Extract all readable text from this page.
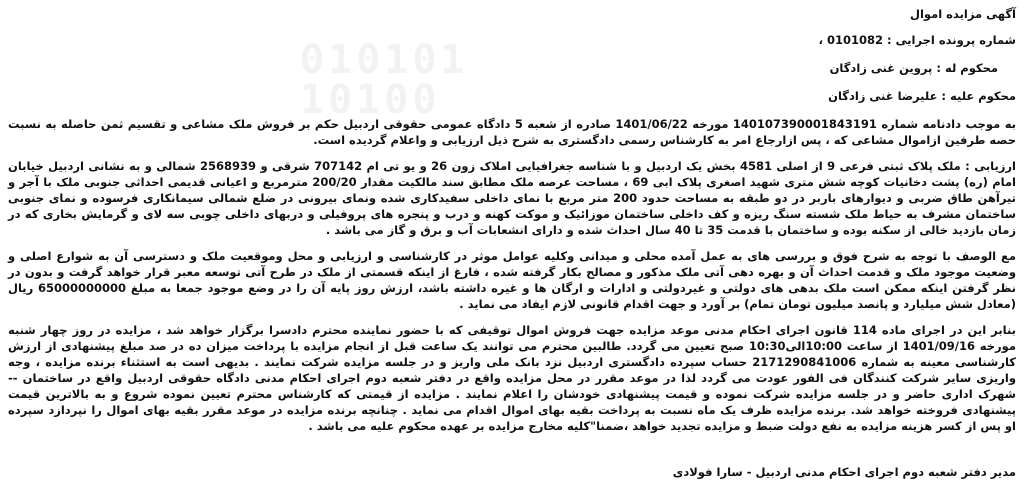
010101
10100
آگهی مزایده اموال
شماره پرونده اجرایی : 0101082 ،
محکوم له : پروین غنی زادگان
محکوم علیه : علیرضا غنی زادگان

به موجب دادنامه شماره 140107390001843191 مورخه 1401/06/22 صادره از شعبه 5 دادگاه عمومی حقوقی اردبیل حکم بر فروش ملک مشاعی و تقسیم ثمن حاصله به نسبت حصه طرفین ازاموال مشاعی که ، پس ازارجاع امر به کارشناس رسمی دادگستری به شرح ذیل ارزیابی و واعلام گردیده است.

ارزیابی : ملک پلاک ثبتی فرعی 9 از اصلی 4581 بخش یک اردبیل و با شناسه جغرافیایی املاک زون 26 و یو تی ام 707142 شرقی و 2568939 شمالی و به نشانی اردبیل خیابان امام (ره) پشت دخانیات کوچه شش متری شهید اصغری پلاک ابی 69 ، مساحت عرصه ملک مطابق سند مالکیت مقدار 200/20 مترمربع و اعیانی قدیمی احداثی جنوبی ملک با آجر و تیرآهن طاق ضربی و دیوارهای باربر در دو طبقه به مساحت حدود 200 متر مربع با نمای داخلی سفیدکاری شده ونمای بیرونی در ضلع شمالی سیمانکاری فرسوده و نمای جنوبی ساختمان مشرف به حیاط ملک شسته سنگ ریزه و کف داخلی ساختمان موزائیک و موکت کهنه و درب و پنجره های پروفیلی و دربهای داخلی چوبی سه لای و گرمایش بخاری که در زمان بازدید خالی از سکنه بوده و ساختمان با قدمت 35 تا 40 سال احداث شده و دارای انشعابات آب و برق و گاز می باشد .

مع الوصف با توجه به شرح فوق و بررسی های به عمل آمده محلی و میدانی وکلیه عوامل موثر در کارشناسی و ارزیابی و محل وموقعیت ملک و دسترسی آن به شوارع اصلی و وضعیت موجود ملک و قدمت احداث آن و بهره دهی آتی ملک مذکور و مصالح بکار گرفته شده ، فارغ از اینکه قسمتی از ملک در طرح آتی توسعه معبر قرار خواهد گرفت و بدون در نظر گرفتن اینکه ممکن است ملک بدهی های دولتی و غیردولتی و ادارات و ارگان ها و غیره داشته باشد، ارزش روز پایه آن را در وضع موجود جمعا به مبلغ 65000000000 ریال (معادل شش میلیارد و پانصد میلیون تومان تمام) بر آورد و جهت اقدام قانونی لازم ایفاد می نماید .

بنابر این در اجرای ماده 114 قانون اجرای احکام مدنی موعد مزایده جهت فروش اموال توقیفی که با حضور نماینده محترم دادسرا برگزار خواهد شد ، مزایده در روز چهار شنبه مورخه 1401/09/16 از ساعت 10:00الی10:30 صبح تعیین می گردد. طالبین محترم می توانند یک ساعت قبل از انجام مزایده با پرداخت میزان ده در صد مبلغ پیشنهادی از ارزش کارشناسی معینه به شماره 2171290841006 حساب سپرده دادگستری اردبیل نزد بانک ملی واریز و در جلسه مزایده شرکت نمایند . بدیهی است به استثناء برنده مزایده ، وجه واریزی سایر شرکت کنندگان فی الفور عودت می گردد لذا در موعد مقرر در محل مزایده واقع در دفتر شعبه دوم اجرای احکام مدنی دادگاه حقوقی اردبیل واقع در ساختمان -- شهرک اداری حاضر و در جلسه مزایده شرکت نموده و قیمت پیشنهادی خودشان را اعلام نمایند . مزایده از قیمتی که کارشناس محترم تعیین نموده شروع و به بالاترین قیمت پیشنهادی فروخته خواهد شد. برنده مزایده ظرف یک ماه نسبت به پرداخت بقیه بهای اموال اقدام می نماید . چنانچه برنده مزایده در موعد مقرر بقیه بهای اموال را نپردازد سپرده او پس از کسر هزینه مزایده به نفع دولت ضبط و مزایده تجدید خواهد ،ضمنا"کلیه مخارج مزایده بر عهده محکوم علیه می باشد .

مدیر دفتر شعبه دوم اجرای احکام مدنی اردبیل - سارا فولادی
